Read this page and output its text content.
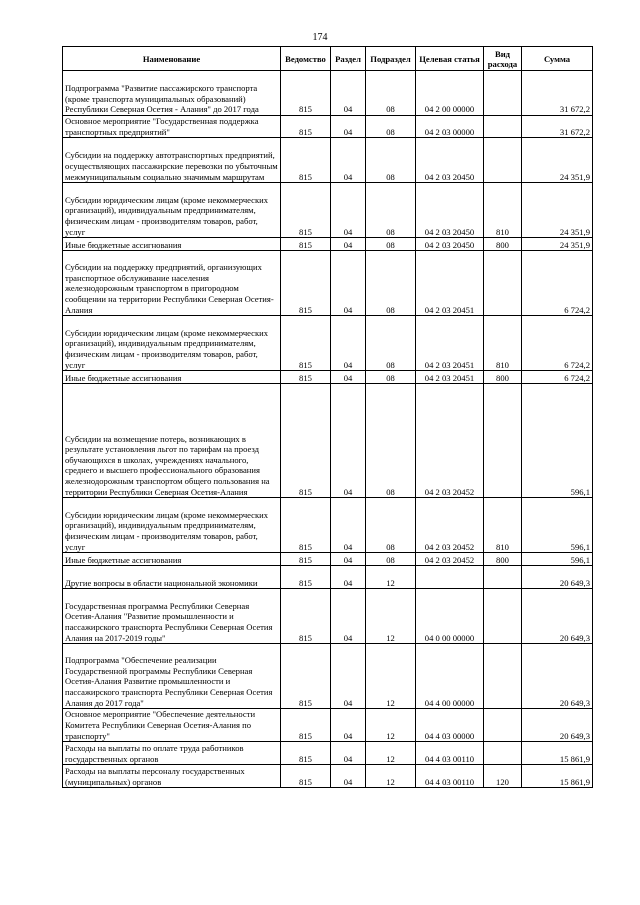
174
Наименование	Ведомство	Раздел	Подраздел	Целевая статья	Вид расхода	Сумма
Подпрограмма "Развитие пассажирского транспорта (кроме транспорта муниципальных образований) Республики Северная Осетия - Алания" до 2017 года	815	04	08	04 2 00 00000		31 672,2
Основное мероприятие "Государственная поддержка транспортных предприятий"	815	04	08	04 2 03 00000		31 672,2
Субсидии на поддержку автотранспортных предприятий, осуществляющих пассажирские перевозки по убыточным межмуниципальным социально значимым маршрутам	815	04	08	04 2 03 20450		24 351,9
Субсидии юридическим лицам (кроме некоммерческих организаций), индивидуальным предпринимателям, физическим лицам - производителям товаров, работ, услуг	815	04	08	04 2 03 20450	810	24 351,9
Иные бюджетные ассигнования	815	04	08	04 2 03 20450	800	24 351,9
Субсидии на поддержку предприятий, организующих транспортное обслуживание населения железнодорожным транспортом в пригородном сообщении на территории Республики Северная Осетия-Алания	815	04	08	04 2 03 20451		6 724,2
Субсидии юридическим лицам (кроме некоммерческих организаций), индивидуальным предпринимателям, физическим лицам - производителям товаров, работ, услуг	815	04	08	04 2 03 20451	810	6 724,2
Иные бюджетные ассигнования	815	04	08	04 2 03 20451	800	6 724,2
Субсидии на возмещение потерь, возникающих в результате установления льгот по тарифам на проезд обучающихся в школах, учреждениях начального, среднего и высшего профессионального образования железнодорожным транспортом общего пользования на территории Республики Северная Осетия-Алания	815	04	08	04 2 03 20452		596,1
Субсидии юридическим лицам (кроме некоммерческих организаций), индивидуальным предпринимателям, физическим лицам - производителям товаров, работ, услуг	815	04	08	04 2 03 20452	810	596,1
Иные бюджетные ассигнования	815	04	08	04 2 03 20452	800	596,1
Другие вопросы в области национальной экономики	815	04	12			20 649,3
Государственная программа Республики Северная Осетия-Алания "Развитие промышленности и пассажирского транспорта Республики Северная Осетия Алания на 2017-2019 годы"	815	04	12	04 0 00 00000		20 649,3
Подпрограмма "Обеспечение реализации Государственной программы Республики Северная Осетия-Алания Развитие промышленности и пассажирского транспорта Республики Северная Осетия Алания до 2017 года"	815	04	12	04 4 00 00000		20 649,3
Основное мероприятие "Обеспечение деятельности Комитета Республики Северная Осетия-Алания по транспорту"	815	04	12	04 4 03 00000		20 649,3
Расходы на выплаты по оплате труда работников государственных органов	815	04	12	04 4 03 00110		15 861,9
Расходы на выплаты персоналу государственных (муниципальных) органов	815	04	12	04 4 03 00110	120	15 861,9
